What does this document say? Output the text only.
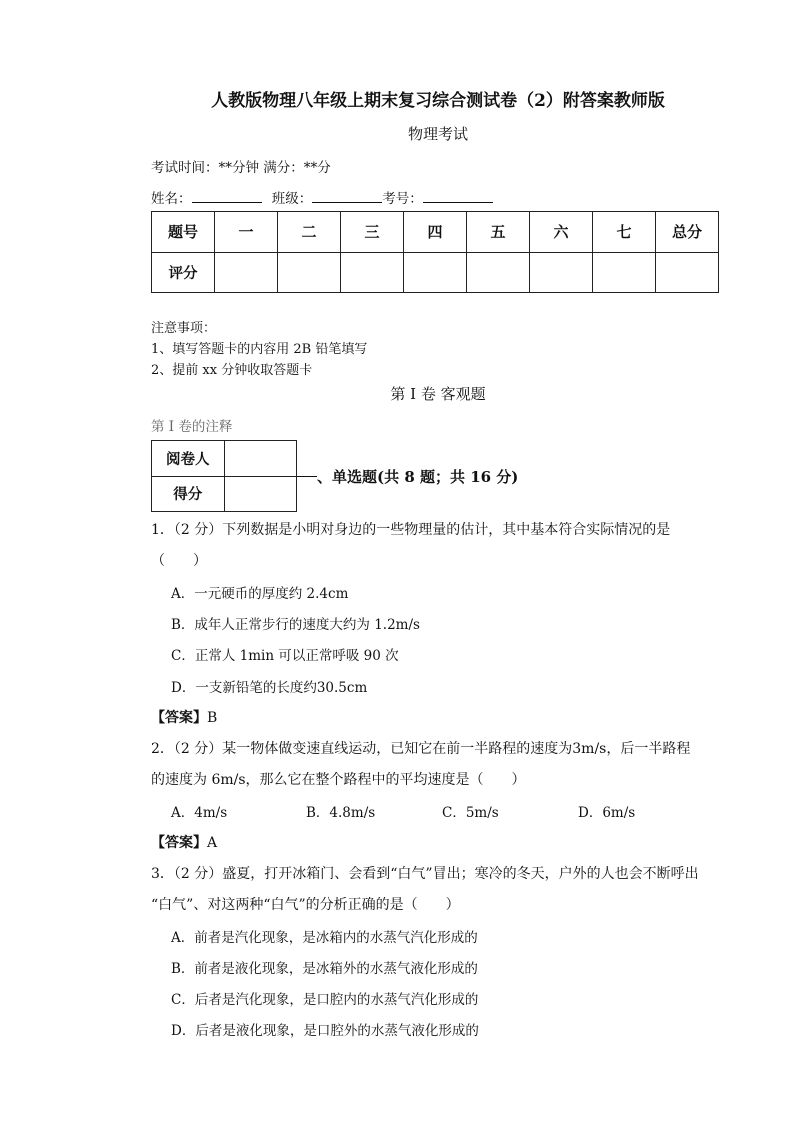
人教版物理八年级上期末复习综合测试卷（2）附答案教师版
物理考试
考试时间：**分钟 满分：**分
姓名：	班级：	考号：
题号	一	二	三	四	五	六	七	总分
评分								
注意事项：
1、填写答题卡的内容用 2B 铅笔填写
2、提前 xx 分钟收取答题卡
第 I 卷 客观题
第 I 卷的注释
阅卷人	
得分	
、单选题(共 8 题；共 16 分)
1．（2 分）下列数据是小明对身边的一些物理量的估计，其中基本符合实际情况的是
（　　）
A．一元硬币的厚度约 2.4cm
B．成年人正常步行的速度大约为 1.2m/s
C．正常人 1min 可以正常呼吸 90 次
D．一支新铅笔的长度约30.5cm
【答案】B
2．（2 分）某一物体做变速直线运动，已知它在前一半路程的速度为3m/s，后一半路程
的速度为 6m/s，那么它在整个路程中的平均速度是（　　）
A．4m/s	B．4.8m/s	C．5m/s	D．6m/s
【答案】A
3．（2 分）盛夏，打开冰箱门、会看到“白气”冒出；寒冷的冬天，户外的人也会不断呼出
“白气”、对这两种“白气”的分析正确的是（　　）
A．前者是汽化现象，是冰箱内的水蒸气汽化形成的
B．前者是液化现象，是冰箱外的水蒸气液化形成的
C．后者是汽化现象，是口腔内的水蒸气汽化形成的
D．后者是液化现象，是口腔外的水蒸气液化形成的
